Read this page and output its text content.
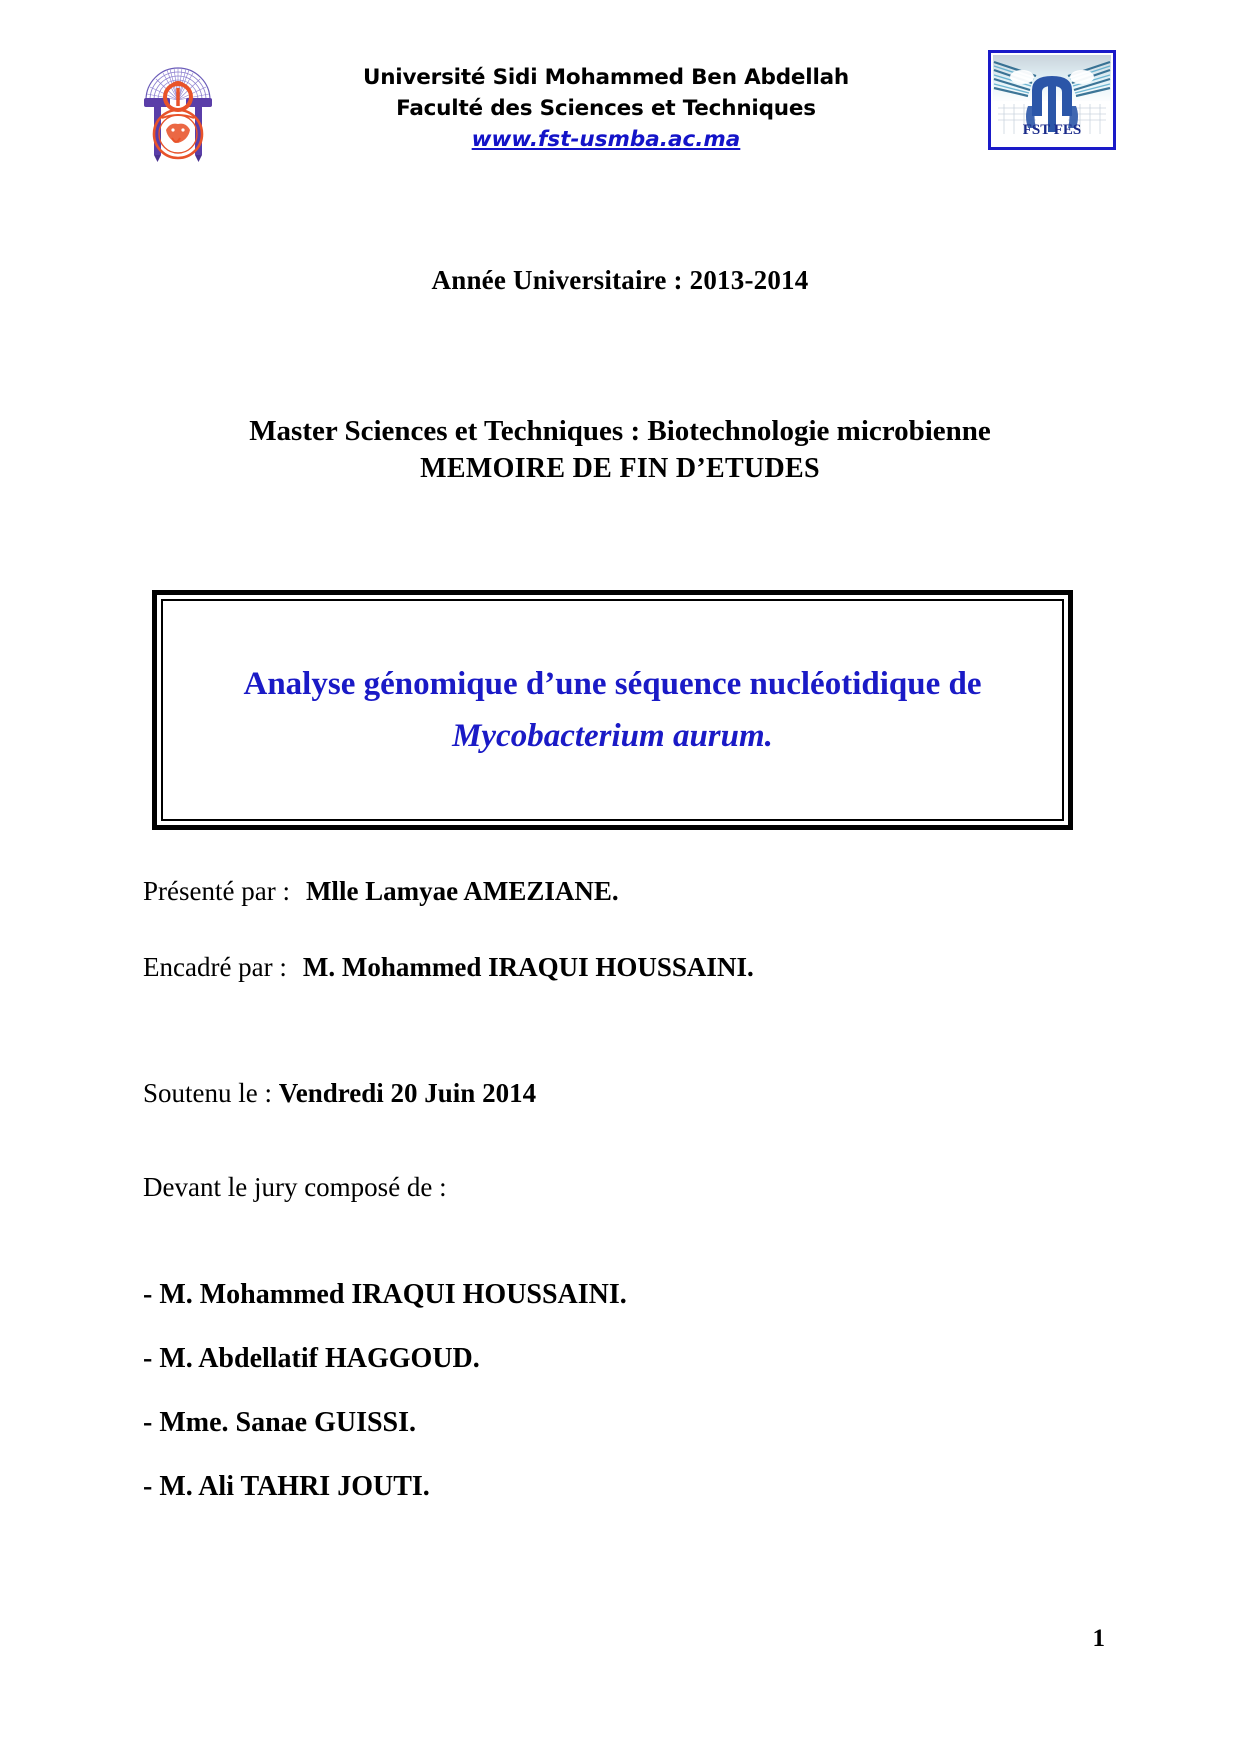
Université Sidi Mohammed Ben Abdellah
Faculté des Sciences et Techniques
www.fst-usmba.ac.ma	FST FES
Année Universitaire : 2013-2014
Master Sciences et Techniques : Biotechnologie microbienne
MEMOIRE DE FIN D’ETUDES
Analyse génomique d’une séquence nucléotidique de
Mycobacterium aurum.
Présenté par : Mlle Lamyae AMEZIANE.
Encadré par : M. Mohammed IRAQUI HOUSSAINI.
Soutenu le : Vendredi 20 Juin 2014
Devant le jury composé de :
- M. Mohammed IRAQUI HOUSSAINI.
- M. Abdellatif HAGGOUD.
- Mme. Sanae GUISSI.
- M. Ali TAHRI JOUTI.
1
